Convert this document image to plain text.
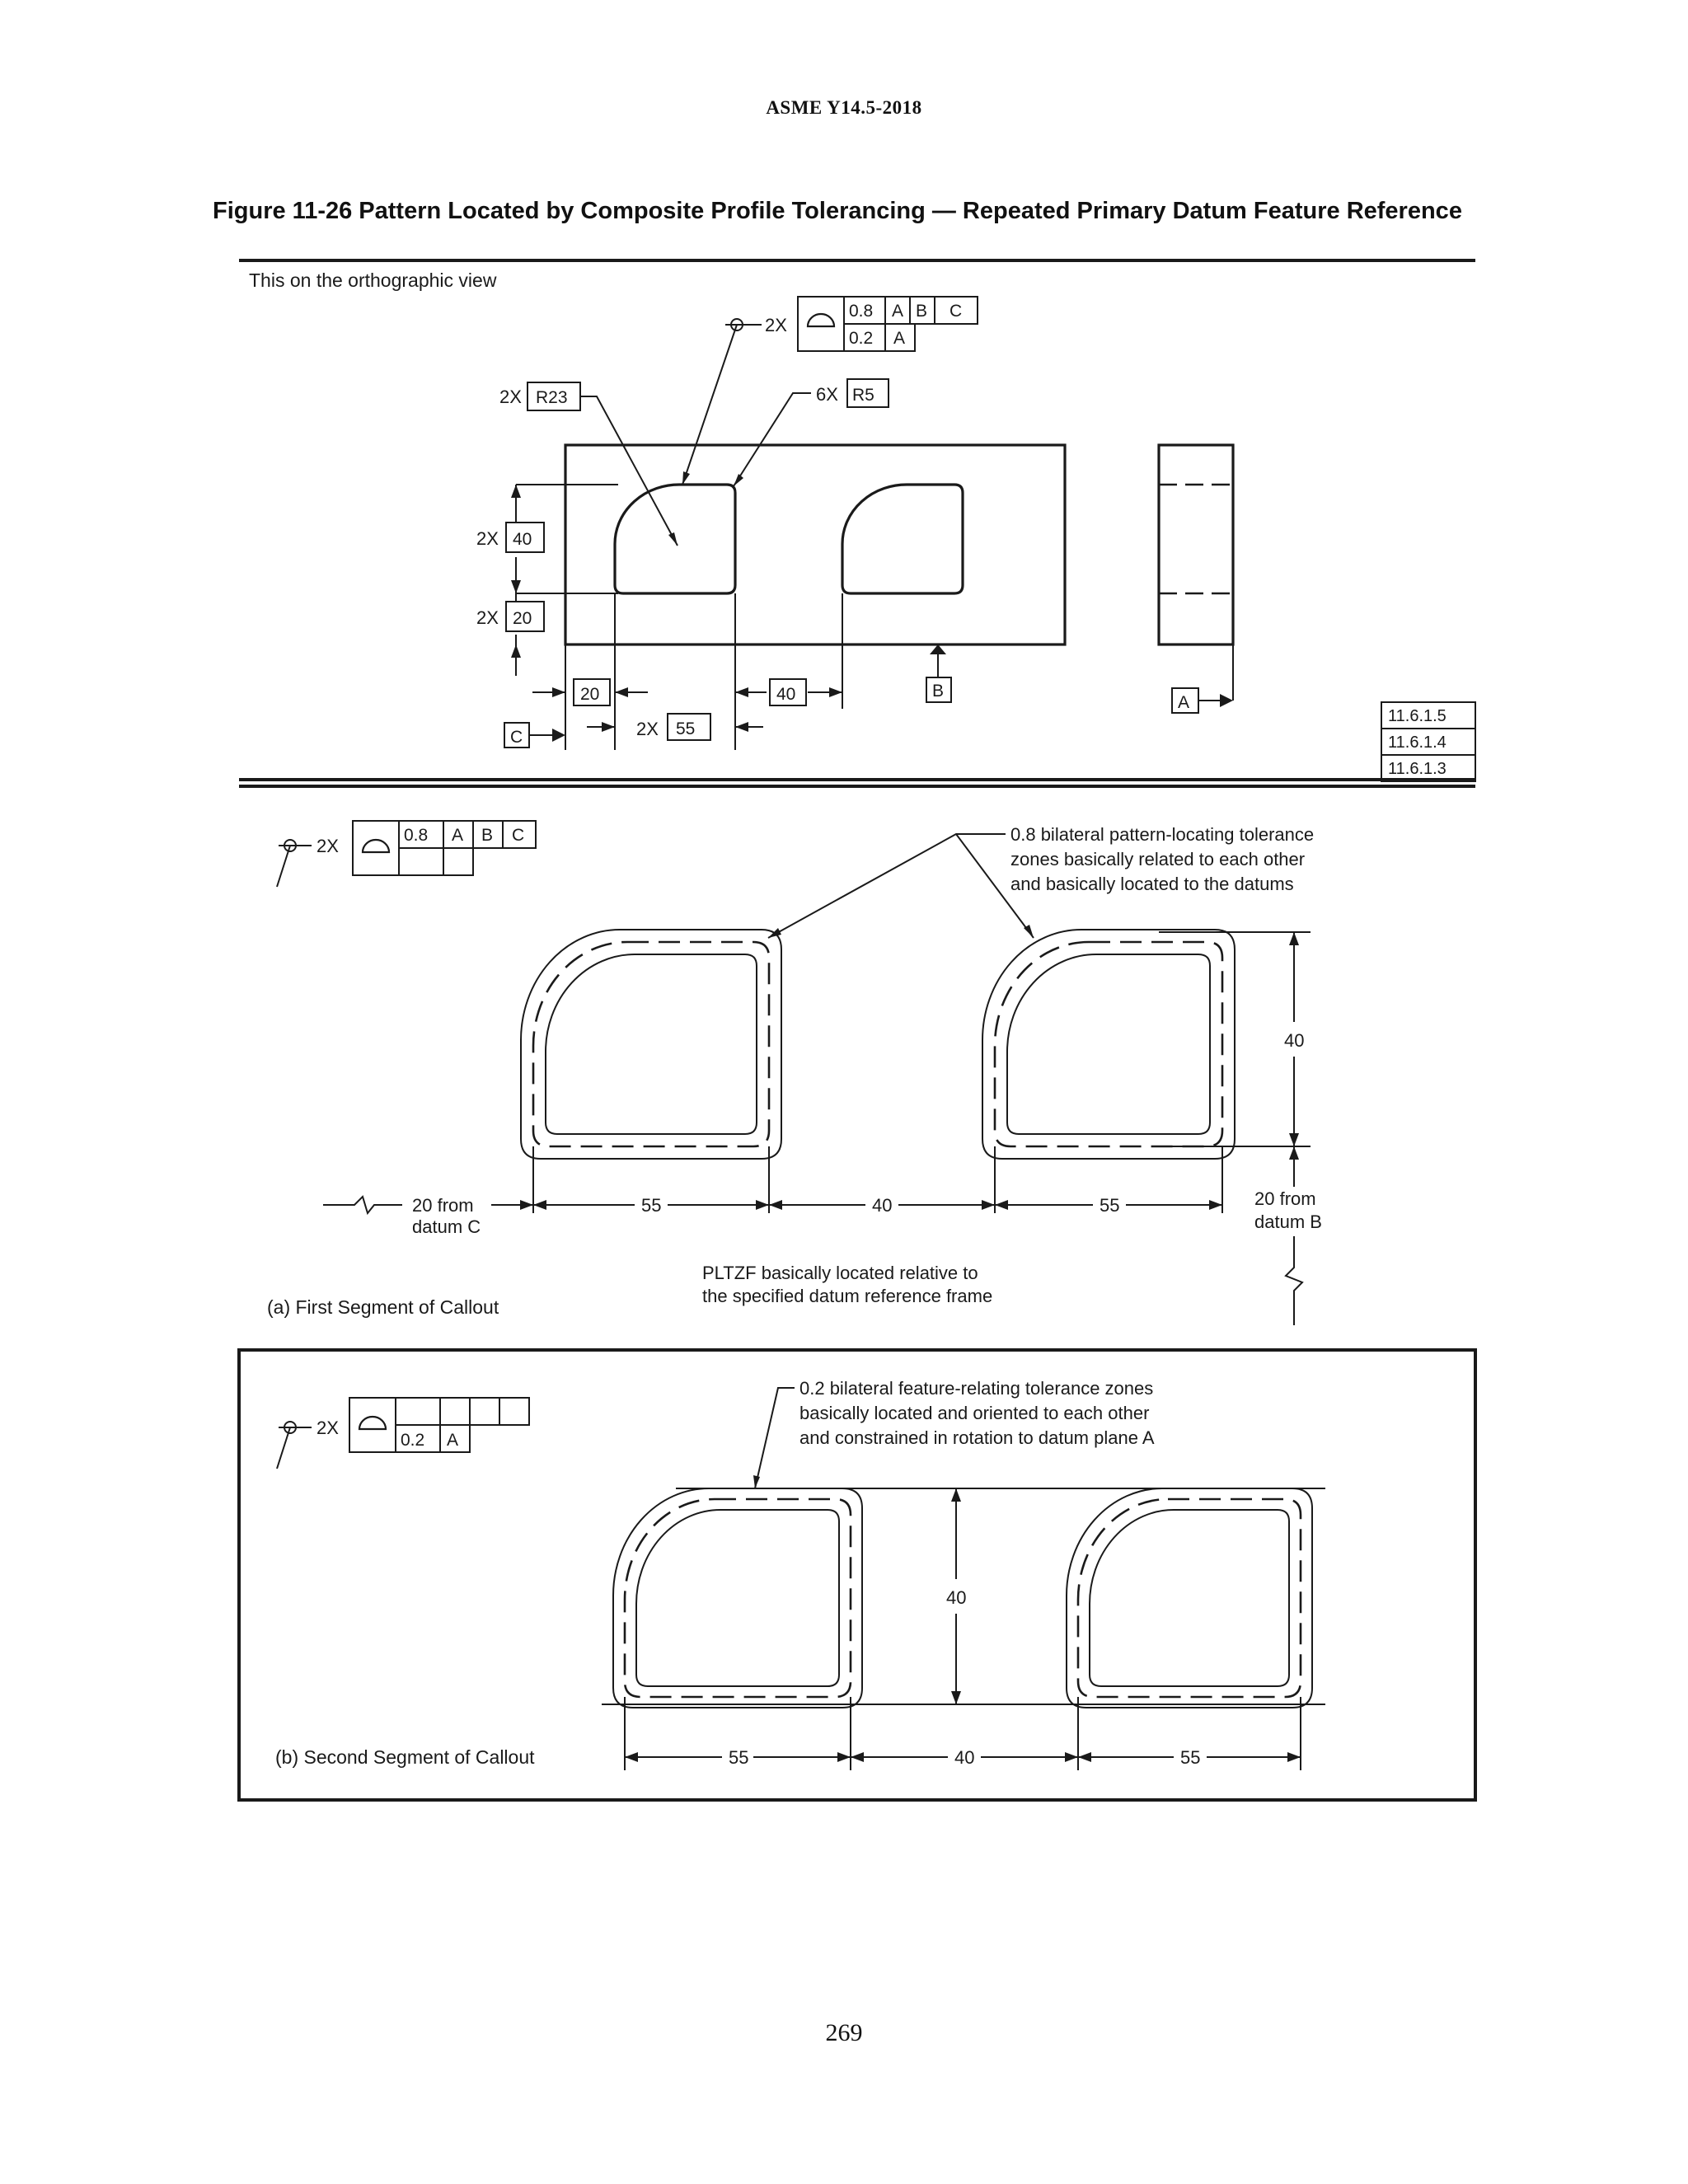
ASME Y14.5-2018
Figure 11-26 Pattern Located by Composite Profile Tolerancing — Repeated Primary Datum Feature Reference
269
This on the orthographic view
2X
0.8 A B C
0.2 A
2X R23	6X R5
2X 40
2X 20
20
2X 55
40	B
A
C
11.6.1.5
11.6.1.4
11.6.1.3
2X
0.8 A B C	0.8 bilateral pattern-locating tolerance
zones basically related to each other
and basically located to the datums
40
20 from
datum C
55	40	55	20 from
datum B
PLTZF basically located relative to
the specified datum reference frame
(a) First Segment of Callout
2X
0.2 A
0.2 bilateral feature-relating tolerance zones
basically located and oriented to each other
and constrained in rotation to datum plane A
40
55	40	55
(b) Second Segment of Callout
